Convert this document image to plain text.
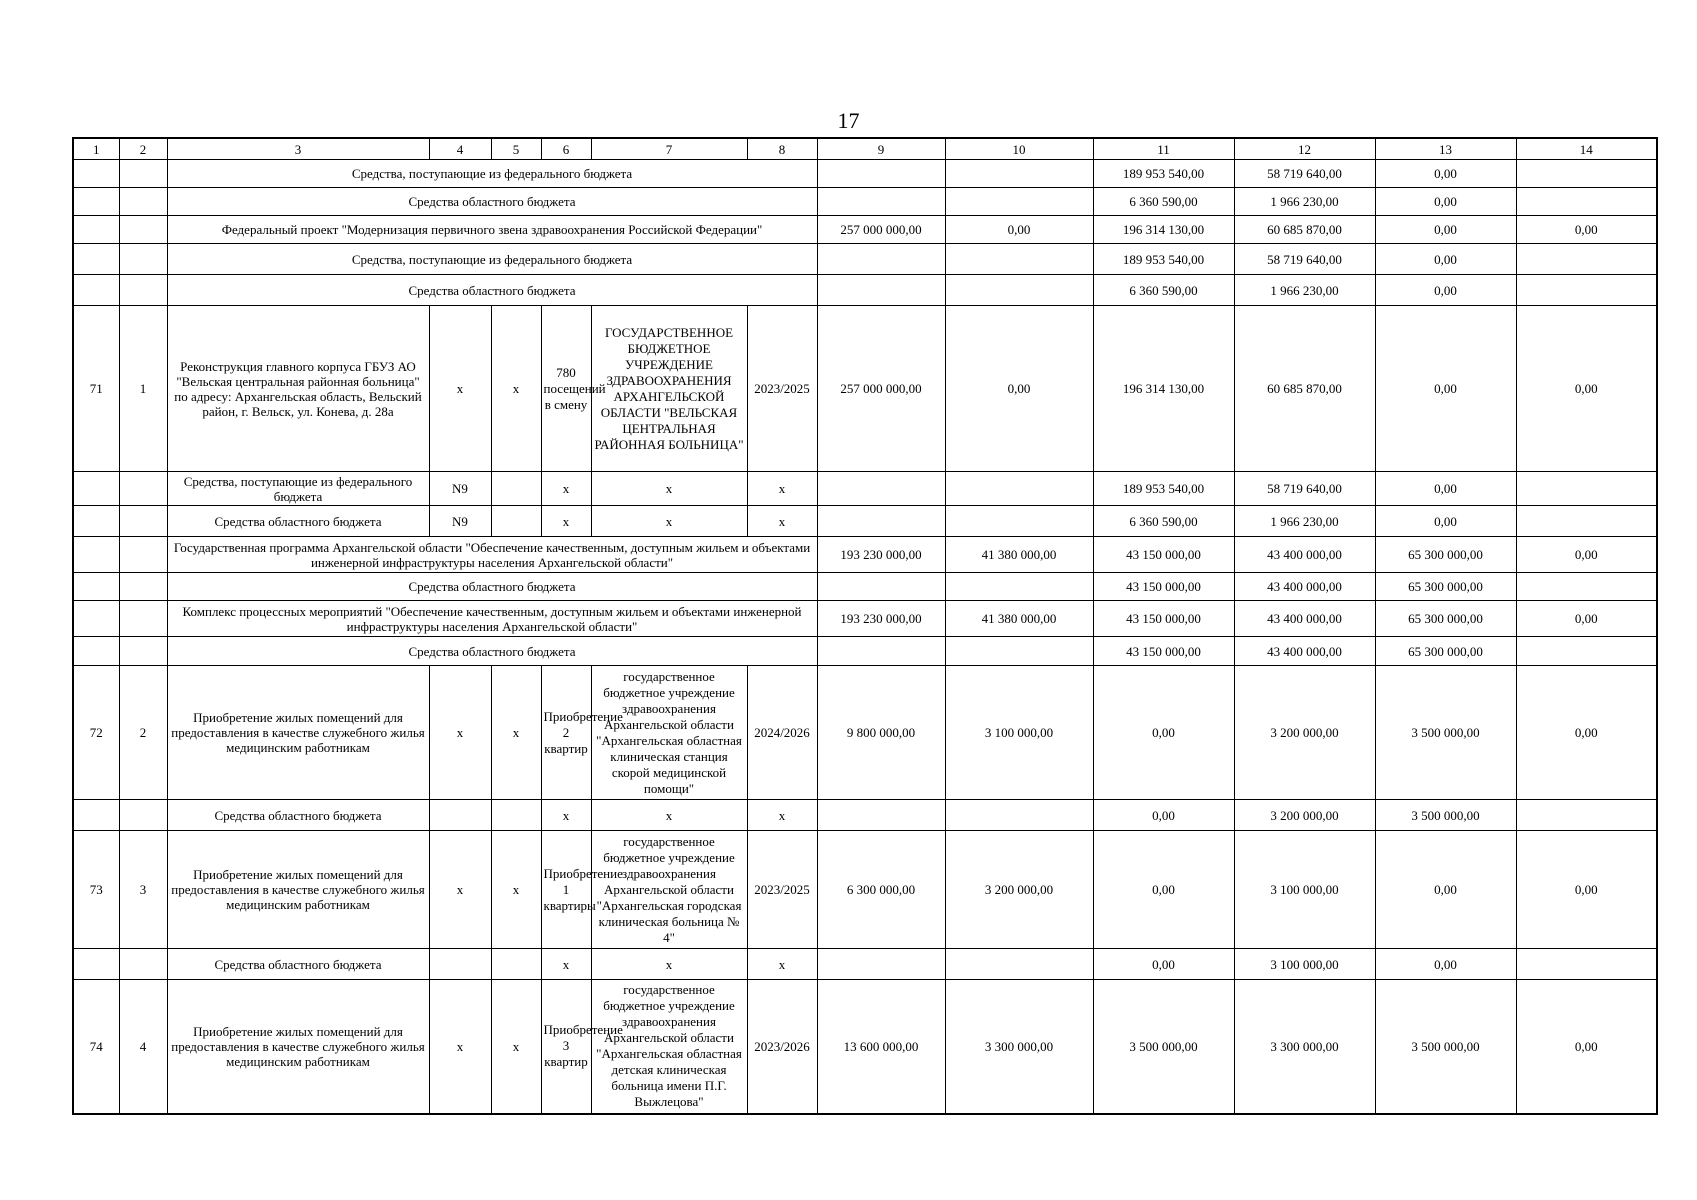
17
1	2	3	4	5	6	7	8	9	10	11	12	13	14
		Средства, поступающие из федерального бюджета								189 953 540,00	58 719 640,00	0,00	
		Средства областного бюджета								6 360 590,00	1 966 230,00	0,00	
		Федеральный проект "Модернизация первичного звена здравоохранения Российской Федерации"						257 000 000,00	0,00	196 314 130,00	60 685 870,00	0,00	0,00
		Средства, поступающие из федерального бюджета								189 953 540,00	58 719 640,00	0,00	
		Средства областного бюджета								6 360 590,00	1 966 230,00	0,00	
71	1	Реконструкция главного корпуса ГБУЗ АО "Вельская центральная районная больница" по адресу: Архангельская область, Вельский район, г. Вельск, ул. Конева, д. 28а	x	x	780 посещений в смену	ГОСУДАРСТВЕННОЕ БЮДЖЕТНОЕ УЧРЕЖДЕНИЕ ЗДРАВООХРАНЕНИЯ АРХАНГЕЛЬСКОЙ ОБЛАСТИ "ВЕЛЬСКАЯ ЦЕНТРАЛЬНАЯ РАЙОННАЯ БОЛЬНИЦА"	2023/2025	257 000 000,00	0,00	196 314 130,00	60 685 870,00	0,00	0,00
		Средства, поступающие из федерального бюджета	N9		x	x	x			189 953 540,00	58 719 640,00	0,00	
		Средства областного бюджета	N9		x	x	x			6 360 590,00	1 966 230,00	0,00	
		Государственная программа Архангельской области "Обеспечение качественным, доступным жильем и объектами инженерной инфраструктуры населения Архангельской области"						193 230 000,00	41 380 000,00	43 150 000,00	43 400 000,00	65 300 000,00	0,00
		Средства областного бюджета								43 150 000,00	43 400 000,00	65 300 000,00	
		Комплекс процессных мероприятий "Обеспечение качественным, доступным жильем и объектами инженерной инфраструктуры населения Архангельской области"						193 230 000,00	41 380 000,00	43 150 000,00	43 400 000,00	65 300 000,00	0,00
		Средства областного бюджета								43 150 000,00	43 400 000,00	65 300 000,00	
72	2	Приобретение жилых помещений для предоставления в качестве служебного жилья медицинским работникам	x	x	Приобретение 2 квартир	государственное бюджетное учреждение здравоохранения Архангельской области "Архангельская областная клиническая станция скорой медицинской помощи"	2024/2026	9 800 000,00	3 100 000,00	0,00	3 200 000,00	3 500 000,00	0,00
		Средства областного бюджета			x	x	x			0,00	3 200 000,00	3 500 000,00	
73	3	Приобретение жилых помещений для предоставления в качестве служебного жилья медицинским работникам	x	x	Приобретение 1 квартиры	государственное бюджетное учреждение здравоохранения Архангельской области "Архангельская городская клиническая больница № 4"	2023/2025	6 300 000,00	3 200 000,00	0,00	3 100 000,00	0,00	0,00
		Средства областного бюджета			x	x	x			0,00	3 100 000,00	0,00	
74	4	Приобретение жилых помещений для предоставления в качестве служебного жилья медицинским работникам	x	x	Приобретение 3 квартир	государственное бюджетное учреждение здравоохранения Архангельской области "Архангельская областная детская клиническая больница имени П.Г. Выжлецова"	2023/2026	13 600 000,00	3 300 000,00	3 500 000,00	3 300 000,00	3 500 000,00	0,00
